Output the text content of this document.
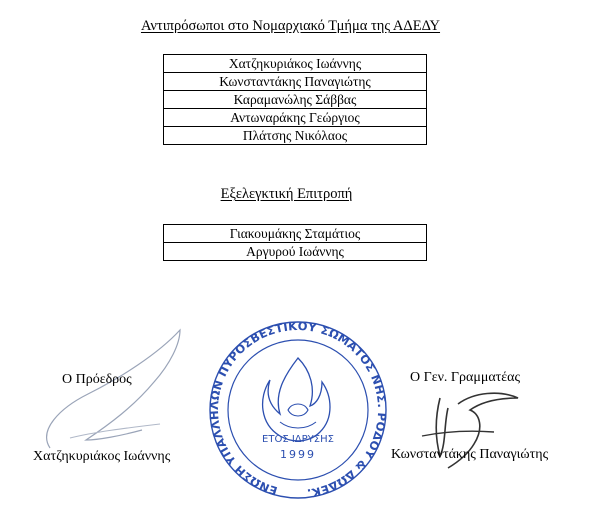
Αντιπρόσωποι στο Νομαρχιακό Τμήμα της ΑΔΕΔΥ
Χατζηκυριάκος Ιωάννης
Κωνσταντάκης Παναγιώτης
Καραμανώλης Σάββας
Αντωναράκης Γεώργιος
Πλάτσης Νικόλαος
Εξελεγκτική Επιτροπή
Γιακουμάκης Σταμάτιος
Αργυρού Ιωάννης
Ο Πρόεδρος
Χατζηκυριάκος Ιωάννης
Ο Γεν. Γραμματέας
Κωνσταντάκης Παναγιώτης
ΕΝΩΣΗ ΥΠΑΛΛΗΛΩΝ ΠΥΡΟΣΒΕΣΤΙΚΟΥ ΣΩΜΑΤΟΣ ΝΗΣ. ΡΟΔΟΥ & ΔΩΔΕΚ.
ΕΤΟΣ ΙΔΡΥΣΗΣ
1999
